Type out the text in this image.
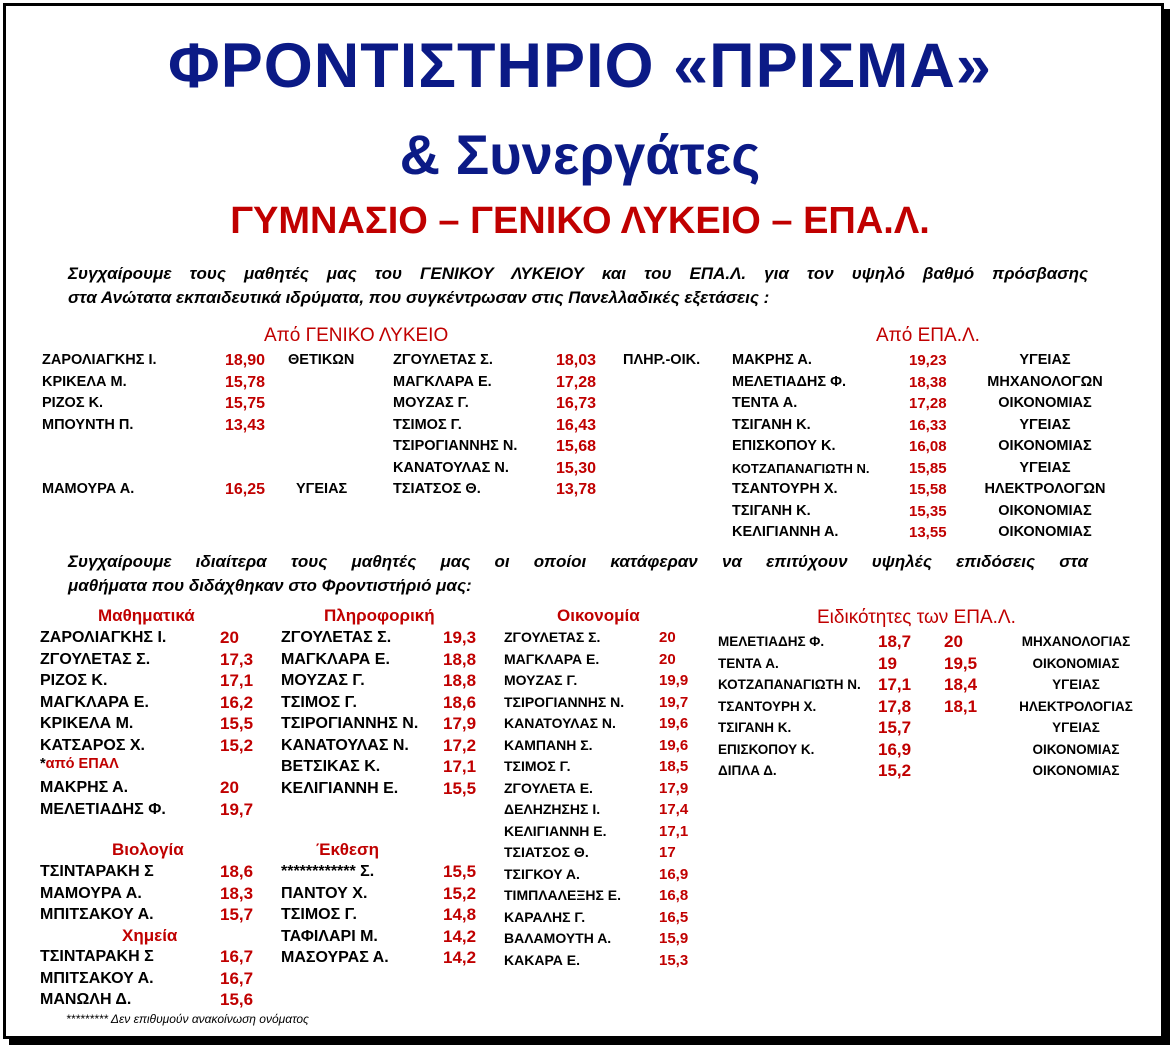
ΦΡΟΝΤΙΣΤΗΡΙΟ «ΠΡΙΣΜΑ»
& Συνεργάτες
ΓΥΜΝΑΣΙΟ – ΓΕΝΙΚΟ ΛΥΚΕΙΟ – ΕΠΑ.Λ.
Συγχαίρουμε τους μαθητές μας του ΓΕΝΙΚΟΥ ΛΥΚΕΙΟΥ και του ΕΠΑ.Λ. για τον υψηλό βαθμό πρόσβασης
στα Ανώτατα εκπαιδευτικά ιδρύματα, που συγκέντρωσαν στις Πανελλαδικές εξετάσεις :
Από ΓΕΝΙΚΟ ΛΥΚΕΙΟ
ΖΑΡΟΛΙΑΓΚΗΣ Ι.	18,90 ΘΕΤΙΚΩΝ
ΚΡΙΚΕΛΑ Μ.	15,78
ΡΙΖΟΣ Κ.	15,75
ΜΠΟΥΝΤΗ Π.	13,43
ΜΑΜΟΥΡΑ Α.	16,25 ΥΓΕΙΑΣ
ΖΓΟΥΛΕΤΑΣ Σ.	18,03 ΠΛΗΡ.-ΟΙΚ.
ΜΑΓΚΛΑΡΑ Ε.	17,28
ΜΟΥΖΑΣ Γ.	16,73
ΤΣΙΜΟΣ Γ.	16,43
ΤΣΙΡΟΓΙΑΝΝΗΣ Ν. 15,68
ΚΑΝΑΤΟΥΛΑΣ Ν.	15,30
ΤΣΙΑΤΣΟΣ Θ.	13,78
Από ΕΠΑ.Λ.
ΜΑΚΡΗΣ Α.	19,23	ΥΓΕΙΑΣ
ΜΕΛΕΤΙΑΔΗΣ Φ.	18,38	ΜΗΧΑΝΟΛΟΓΩΝ
ΤΕΝΤΑ Α.	17,28	ΟΙΚΟΝΟΜΙΑΣ
ΤΣΙΓΑΝΗ Κ.	16,33	ΥΓΕΙΑΣ
ΕΠΙΣΚΟΠΟΥ Κ.	16,08	ΟΙΚΟΝΟΜΙΑΣ
ΚΟΤΖΑΠΑΝΑΓΙΩΤΗ Ν.	15,85	ΥΓΕΙΑΣ
ΤΣΑΝΤΟΥΡΗ Χ.	15,58	ΗΛΕΚΤΡΟΛΟΓΩΝ
ΤΣΙΓΑΝΗ Κ.	15,35	ΟΙΚΟΝΟΜΙΑΣ
ΚΕΛΙΓΙΑΝΝΗ Α.	13,55	ΟΙΚΟΝΟΜΙΑΣ
Συγχαίρουμε ιδιαίτερα τους μαθητές μας οι οποίοι κατάφεραν να επιτύχουν υψηλές επιδόσεις στα
μαθήματα που διδάχθηκαν στο Φροντιστήριό μας:
Μαθηματικά
ΖΑΡΟΛΙΑΓΚΗΣ Ι.	20
ΖΓΟΥΛΕΤΑΣ Σ.	17,3
ΡΙΖΟΣ Κ.	17,1
ΜΑΓΚΛΑΡΑ Ε.	16,2
ΚΡΙΚΕΛΑ Μ.	15,5
ΚΑΤΣΑΡΟΣ Χ.	15,2
*από ΕΠΑΛ
ΜΑΚΡΗΣ Α.	20
ΜΕΛΕΤΙΑΔΗΣ Φ.	19,7
Πληροφορική
ΖΓΟΥΛΕΤΑΣ Σ.	19,3
ΜΑΓΚΛΑΡΑ Ε.	18,8
ΜΟΥΖΑΣ Γ.	18,8
ΤΣΙΜΟΣ Γ.	18,6
ΤΣΙΡΟΓΙΑΝΝΗΣ Ν. 17,9
ΚΑΝΑΤΟΥΛΑΣ Ν. 17,2
ΒΕΤΣΙΚΑΣ Κ.	17,1
ΚΕΛΙΓΙΑΝΝΗ Ε.	15,5
Οικονομία
ΖΓΟΥΛΕΤΑΣ Σ.	20
ΜΑΓΚΛΑΡΑ Ε.	20
ΜΟΥΖΑΣ Γ.	19,9
ΤΣΙΡΟΓΙΑΝΝΗΣ Ν. 19,7
ΚΑΝΑΤΟΥΛΑΣ Ν.	19,6
ΚΑΜΠΑΝΗ Σ.	19,6
ΤΣΙΜΟΣ Γ.	18,5
ΖΓΟΥΛΕΤΑ Ε.	17,9
ΔΕΛΗΖΗΣΗΣ Ι.	17,4
ΚΕΛΙΓΙΑΝΝΗ Ε.	17,1
ΤΣΙΑΤΣΟΣ Θ.	17
ΤΣΙΓΚΟΥ Α.	16,9
ΤΙΜΠΛΑΛΕΞΗΣ Ε.	16,8
ΚΑΡΑΛΗΣ Γ.	16,5
ΒΑΛΑΜΟΥΤΗ Α.	15,9
ΚΑΚΑΡΑ Ε.	15,3
Ειδικότητες των ΕΠΑ.Λ.
ΜΕΛΕΤΙΑΔΗΣ Φ.	18,7 20	ΜΗΧΑΝΟΛΟΓΙΑΣ
ΤΕΝΤΑ Α.	19	19,5	ΟΙΚΟΝΟΜΙΑΣ
ΚΟΤΖΑΠΑΝΑΓΙΩΤΗ Ν. 17,1 18,4	ΥΓΕΙΑΣ
ΤΣΑΝΤΟΥΡΗ Χ.	17,8 18,1	ΗΛΕΚΤΡΟΛΟΓΙΑΣ
ΤΣΙΓΑΝΗ Κ.	15,7	ΥΓΕΙΑΣ
ΕΠΙΣΚΟΠΟΥ Κ.	16,9	ΟΙΚΟΝΟΜΙΑΣ
ΔΙΠΛΑ Δ.	15,2	ΟΙΚΟΝΟΜΙΑΣ
Βιολογία
ΤΣΙΝΤΑΡΑΚΗ Σ	18,6
ΜΑΜΟΥΡΑ Α.	18,3
ΜΠΙΤΣΑΚΟΥ Α.	15,7
Χημεία
ΤΣΙΝΤΑΡΑΚΗ Σ	16,7
ΜΠΙΤΣΑΚΟΥ Α.	16,7
ΜΑΝΩΛΗ Δ.	15,6
Έκθεση
************ Σ.	15,5
ΠΑΝΤΟΥ Χ.	15,2
ΤΣΙΜΟΣ Γ.	14,8
ΤΑΦΙΛΑΡΙ Μ.	14,2
ΜΑΣΟΥΡΑΣ Α.	14,2
********* Δεν επιθυμούν ανακοίνωση ονόματος
